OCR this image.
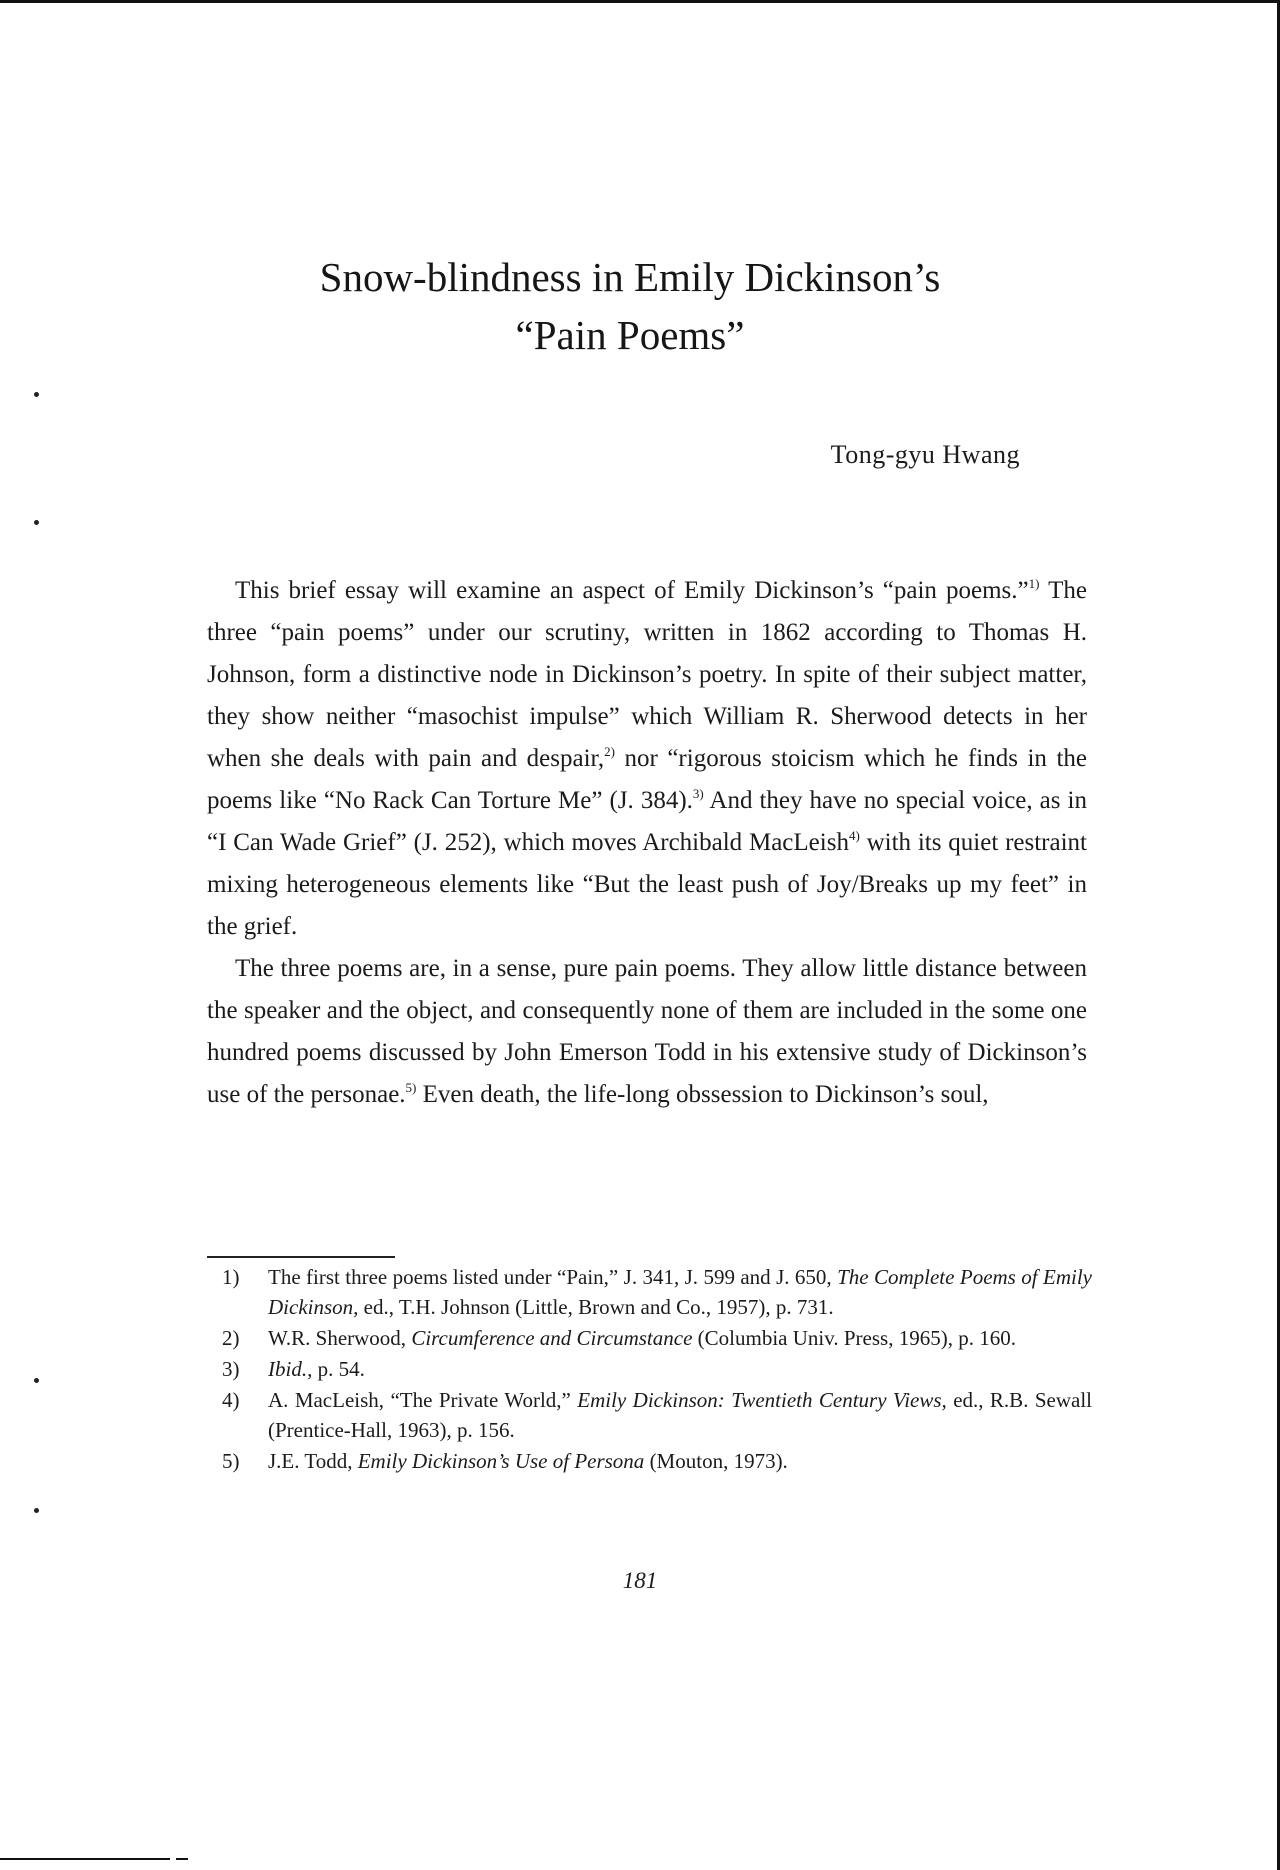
Snow-blindness in Emily Dickinson’s
“Pain Poems”
Tong-gyu Hwang

This brief essay will examine an aspect of Emily Dickinson’s “pain poems.”$^{1)}$ The three “pain poems” under our scrutiny, written in 1862 according to Thomas H. Johnson, form a distinctive node in Dickinson’s poetry. In spite of their subject matter, they show neither “masochist impulse” which William R. Sherwood detects in her when she deals with pain and despair,$^{2)}$ nor “rigorous stoicism which he finds in the poems like “No Rack Can Torture Me” (J. 384).$^{3)}$ And they have no special voice, as in “I Can Wade Grief” (J. 252), which moves Archibald MacLeish$^{4)}$ with its quiet restraint mixing heterogeneous elements like “But the least push of Joy/Breaks up my feet” in the grief.

The three poems are, in a sense, pure pain poems. They allow little distance between the speaker and the object, and consequently none of them are included in the some one hundred poems discussed by John Emerson Todd in his extensive study of Dickinson’s use of the personae.$^{5)}$ Even death, the life-long obssession to Dickinson’s soul,

1)	The first three poems listed under “Pain,” J. 341, J. 599 and J. 650, The Complete Poems of Emily Dickinson, ed., T.H. Johnson (Little, Brown and Co., 1957), p. 731.
2)	W.R. Sherwood, Circumference and Circumstance (Columbia Univ. Press, 1965), p. 160.
3)	Ibid., p. 54.
4)	A. MacLeish, “The Private World,” Emily Dickinson: Twentieth Century Views, ed., R.B. Sewall (Prentice-Hall, 1963), p. 156.
5)	J.E. Todd, Emily Dickinson’s Use of Persona (Mouton, 1973).
181
